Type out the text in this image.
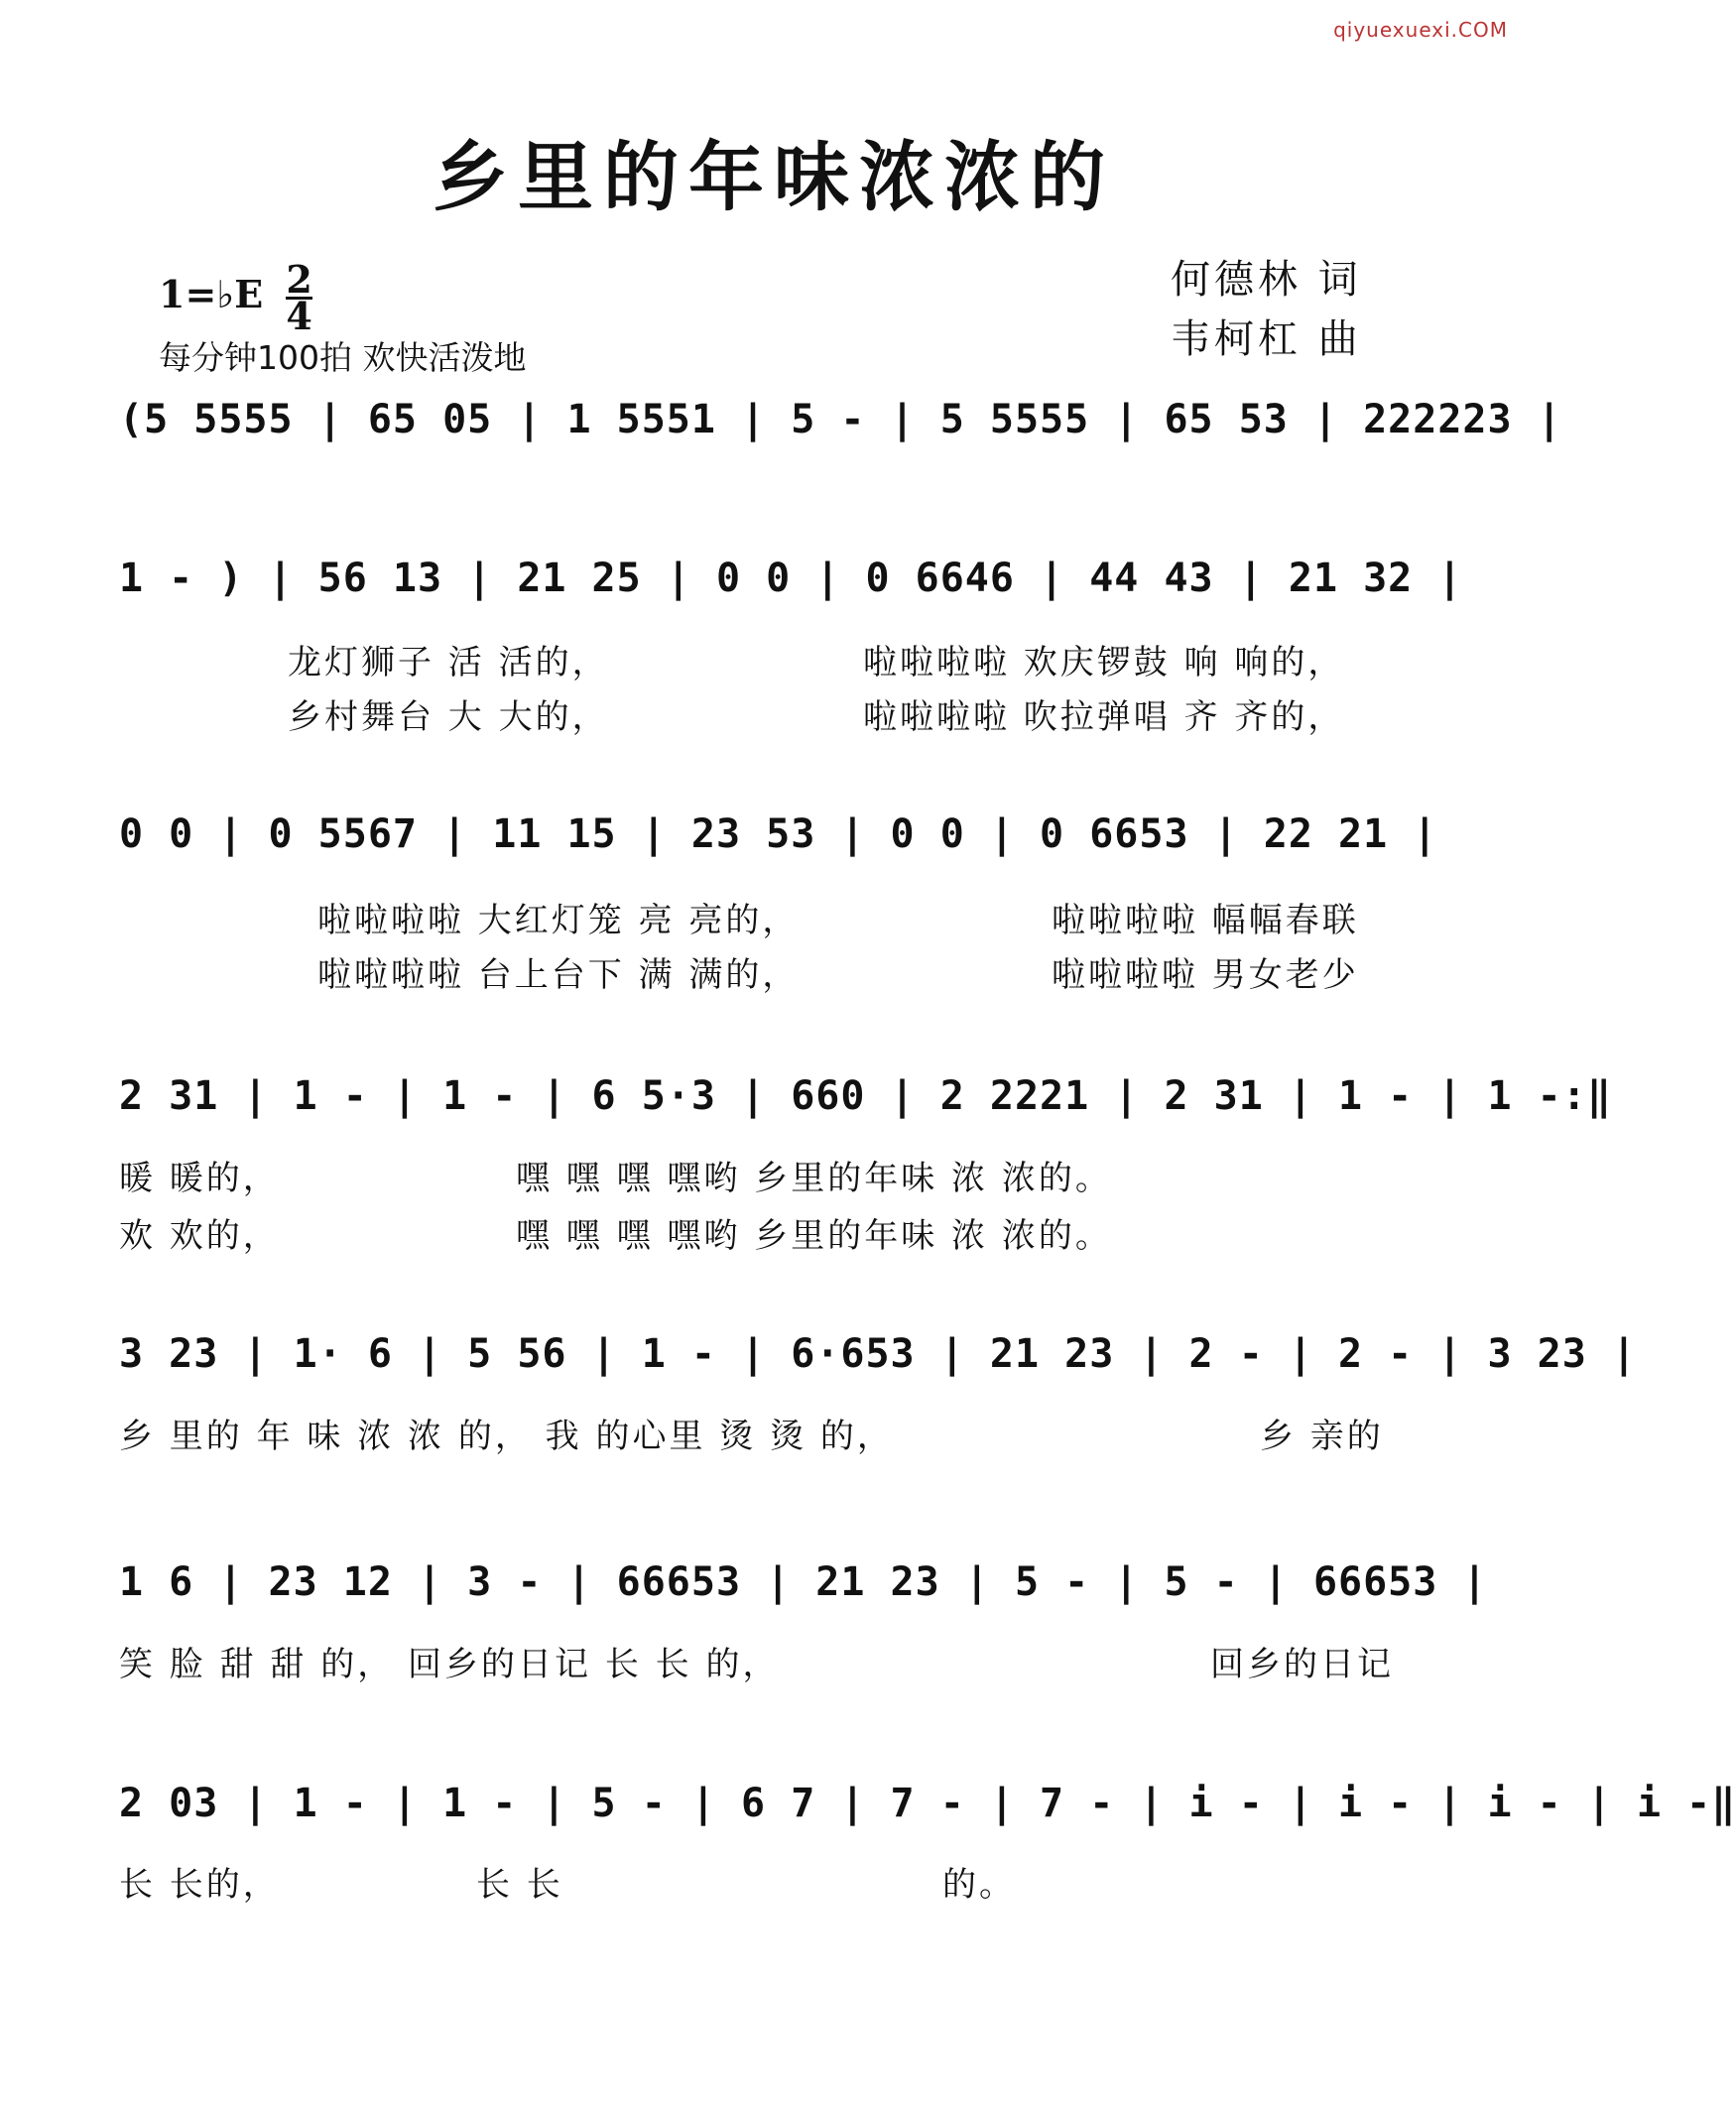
qiyuexuexi.COM
乡里的年味浓浓的
1=♭E $\frac{2}{4}$
每分钟100拍 欢快活泼地
何德林 词
韦柯杠 曲
(5 5555 | 65 05 | 1 5551 | 5 - | 5 5555 | 65 53 | 222223 |
1 - ) | 56 13 | 21 25 | 0 0 | 0 6646 | 44 43 | 21 32 |
龙灯狮子 活 活的，	啦啦啦啦 欢庆锣鼓 响 响的，
乡村舞台 大 大的，	啦啦啦啦 吹拉弹唱 齐 齐的，
0 0 | 0 5567 | 11 15 | 23 53 | 0 0 | 0 6653 | 22 21 |
啦啦啦啦 大红灯笼 亮 亮的，	啦啦啦啦 幅幅春联
啦啦啦啦 台上台下 满 满的，	啦啦啦啦 男女老少
2 31 | 1 - | 1 - | 6 5·3 | 660 | 2 2221 | 2 31 | 1 - | 1 -:‖
暖 暖的，	嘿 嘿 嘿 嘿哟 乡里的年味 浓 浓的。
欢 欢的，	嘿 嘿 嘿 嘿哟 乡里的年味 浓 浓的。
3 23 | 1· 6 | 5 56 | 1 - | 6·653 | 21 23 | 2 - | 2 - | 3 23 |
乡 里的 年 味 浓 浓 的， 我 的心里 烫 烫 的，	乡 亲的
1 6 | 23 12 | 3 - | 66653 | 21 23 | 5 - | 5 - | 66653 |
笑 脸 甜 甜 的， 回乡的日记 长 长 的，	回乡的日记
2 03 | 1 - | 1 - | 5 - | 6 7 | 7 - | 7 - | i - | i - | i - | i -‖
长 长的，	长 长	的。
